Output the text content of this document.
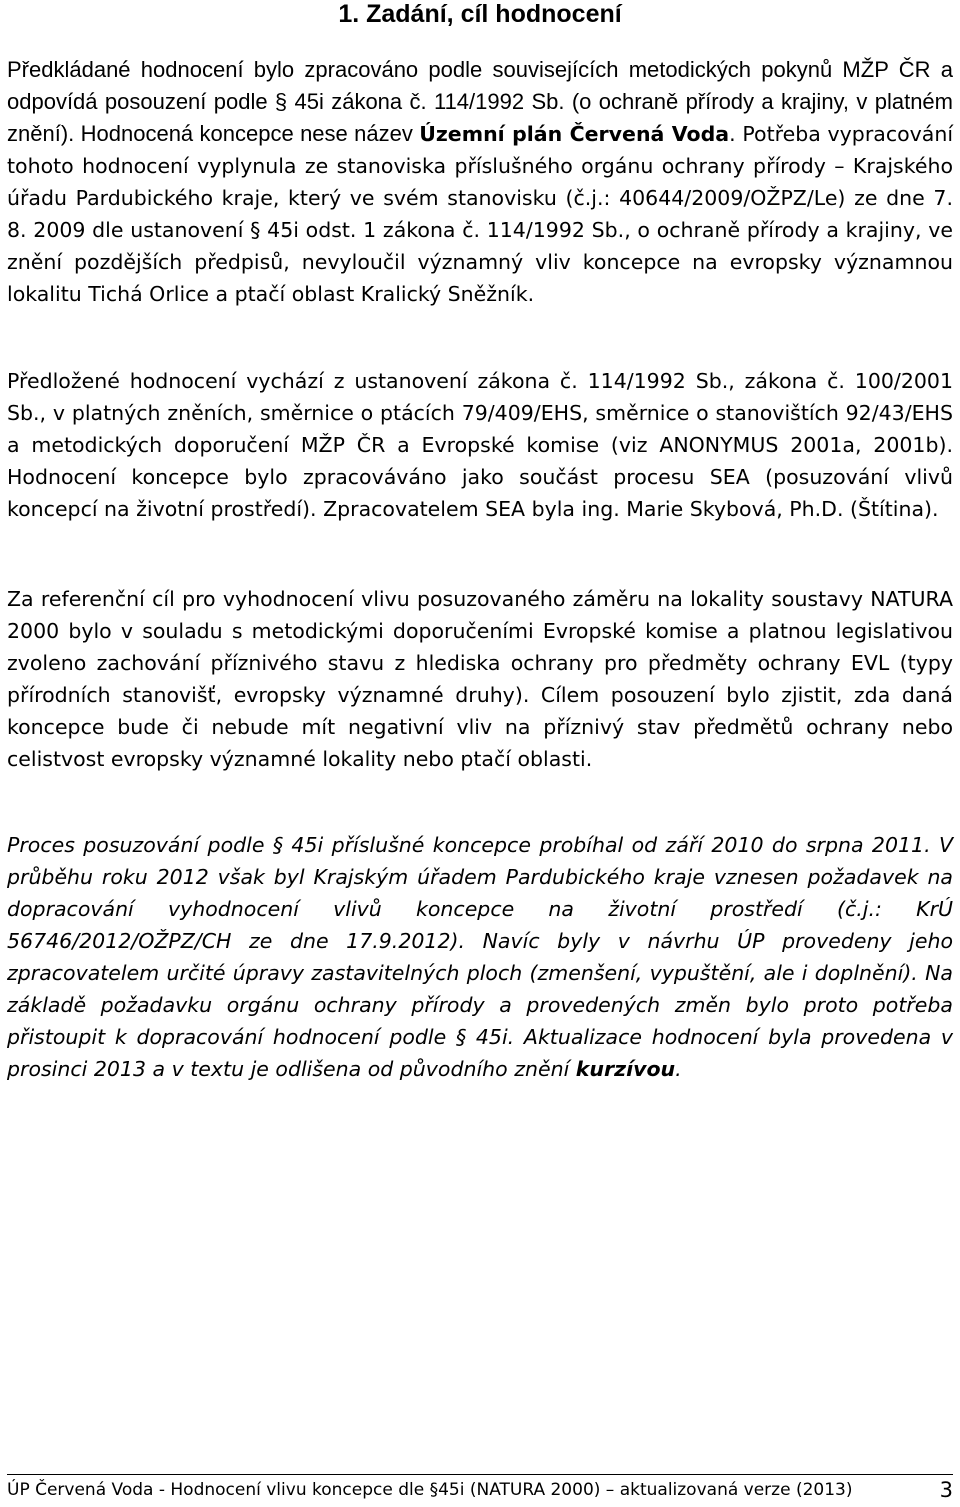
1. Zadání, cíl hodnocení

Předkládané hodnocení bylo zpracováno podle souvisejících metodických pokynů MŽP ČR a odpovídá posouzení podle § 45i zákona č. 114/1992 Sb. (o ochraně přírody a krajiny, v platném znění). Hodnocená koncepce nese název Územní plán Červená Voda. Potřeba vypracování tohoto hodnocení vyplynula ze stanoviska příslušného orgánu ochrany přírody – Krajského úřadu Pardubického kraje, který ve svém stanovisku (č.j.: 40644/2009/OŽPZ/Le) ze dne 7. 8. 2009 dle ustanovení § 45i odst. 1 zákona č. 114/1992 Sb., o ochraně přírody a krajiny, ve znění pozdějších předpisů, nevyloučil významný vliv koncepce na evropsky významnou lokalitu Tichá Orlice a ptačí oblast Kralický Sněžník.

Předložené hodnocení vychází z ustanovení zákona č. 114/1992 Sb., zákona č. 100/2001 Sb., v platných zněních, směrnice o ptácích 79/409/EHS, směrnice o stanovištích 92/43/EHS a metodických doporučení MŽP ČR a Evropské komise (viz ANONYMUS 2001a, 2001b). Hodnocení koncepce bylo zpracováváno jako součást procesu SEA (posuzování vlivů koncepcí na životní prostředí). Zpracovatelem SEA byla ing. Marie Skybová, Ph.D. (Štítina).

Za referenční cíl pro vyhodnocení vlivu posuzovaného záměru na lokality soustavy NATURA 2000 bylo v souladu s metodickými doporučeními Evropské komise a platnou legislativou zvoleno zachování příznivého stavu z hlediska ochrany pro předměty ochrany EVL (typy přírodních stanovišť, evropsky významné druhy). Cílem posouzení bylo zjistit, zda daná koncepce bude či nebude mít negativní vliv na příznivý stav předmětů ochrany nebo celistvost evropsky významné lokality nebo ptačí oblasti.

Proces posuzování podle § 45i příslušné koncepce probíhal od září 2010 do srpna 2011. V průběhu roku 2012 však byl Krajským úřadem Pardubického kraje vznesen požadavek na dopracování vyhodnocení vlivů koncepce na životní prostředí (č.j.: KrÚ 56746/2012/OŽPZ/CH ze dne 17.9.2012). Navíc byly v návrhu ÚP provedeny jeho zpracovatelem určité úpravy zastavitelných ploch (zmenšení, vypuštění, ale i doplnění). Na základě požadavku orgánu ochrany přírody a provedených změn bylo proto potřeba přistoupit k dopracování hodnocení podle § 45i. Aktualizace hodnocení byla provedena v prosinci 2013 a v textu je odlišena od původního znění kurzívou.

ÚP Červená Voda - Hodnocení vlivu koncepce dle §45i (NATURA 2000) – aktualizovaná verze (2013)	3
